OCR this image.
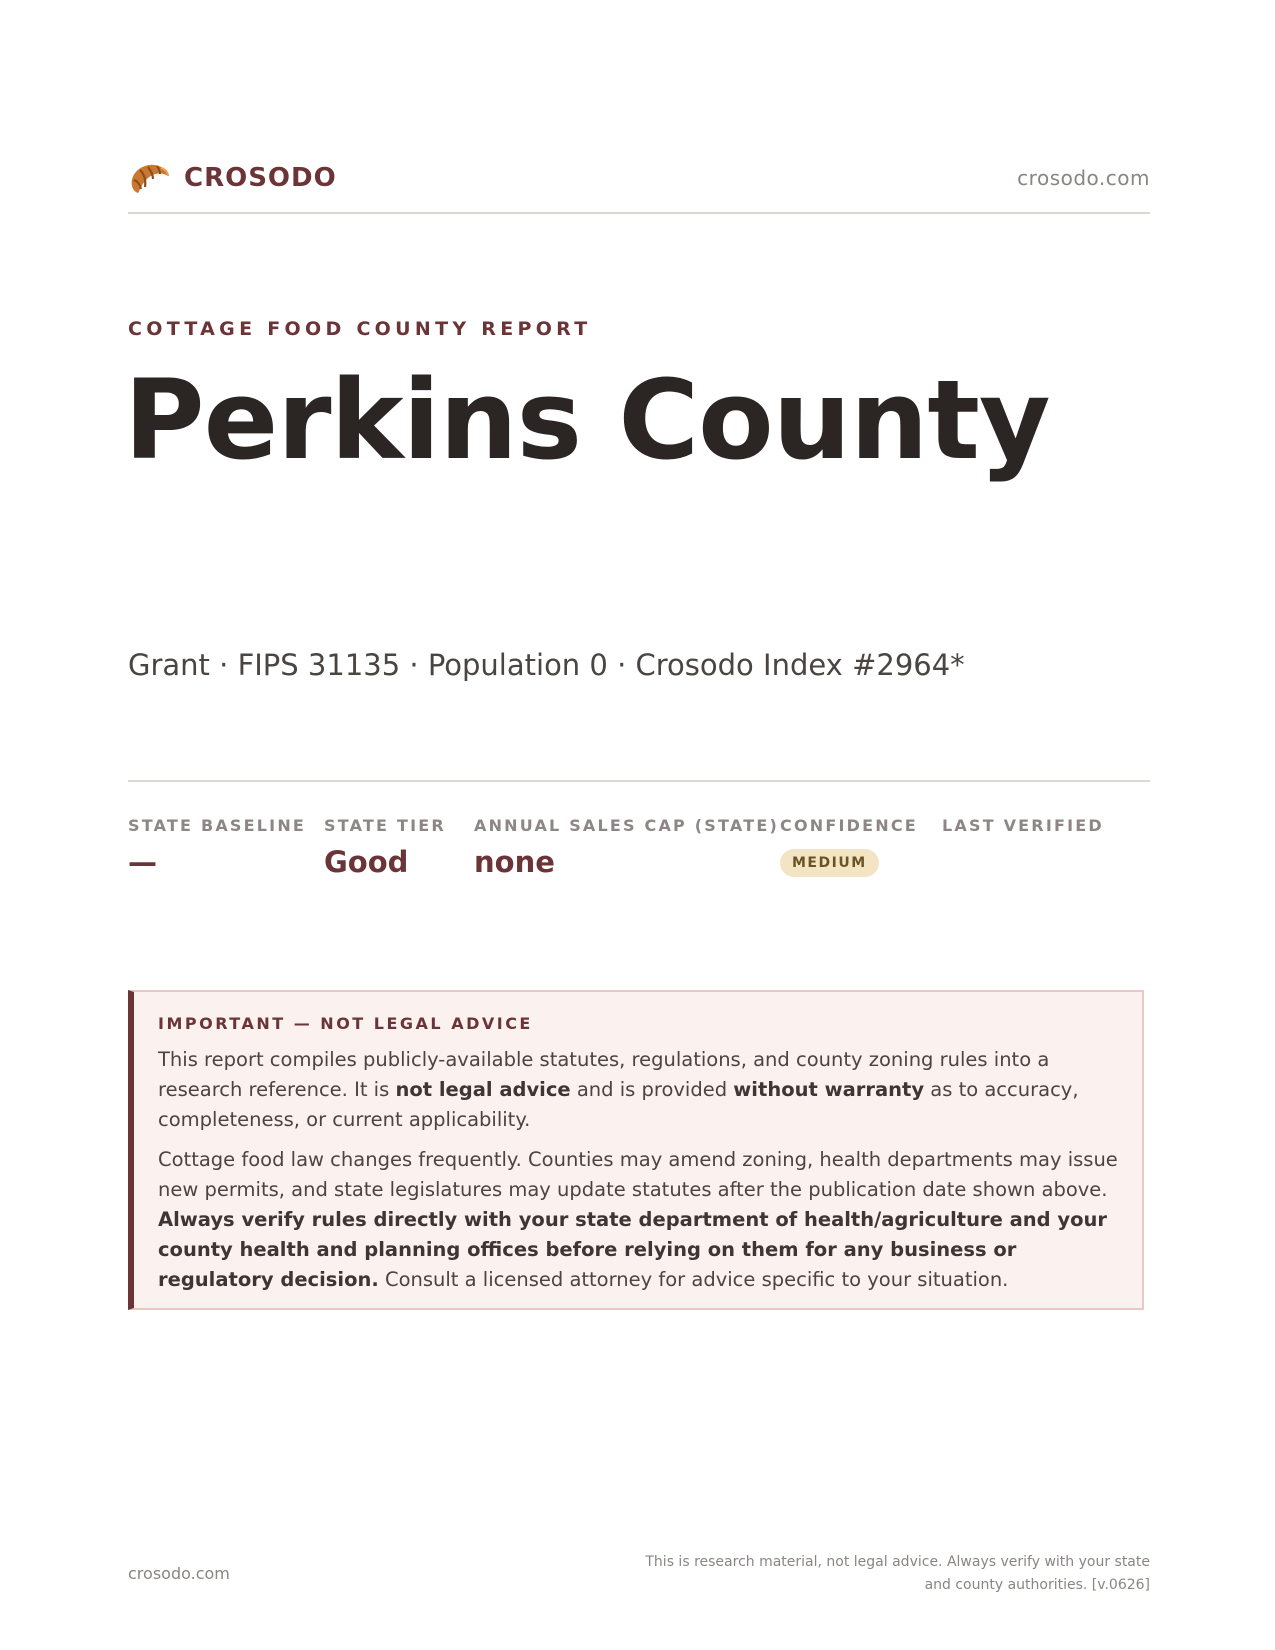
CROSODO	crosodo.com
COTTAGE FOOD COUNTY REPORT
Perkins County
Grant · FIPS 31135 · Population 0 · Crosodo Index #2964*
STATE BASELINE
—
STATE TIER
Good
ANNUAL SALES CAP (STATE)
none
CONFIDENCE
MEDIUM
LAST VERIFIED
IMPORTANT — NOT LEGAL ADVICE

This report compiles publicly-available statutes, regulations, and county zoning rules into a research reference. It is not legal advice and is provided without warranty as to accuracy, completeness, or current applicability.

Cottage food law changes frequently. Counties may amend zoning, health departments may issue new permits, and state legislatures may update statutes after the publication date shown above. Always verify rules directly with your state department of health/agriculture and your county health and planning offices before relying on them for any business or regulatory decision. Consult a licensed attorney for advice specific to your situation.

crosodo.com
This is research material, not legal advice. Always verify with your state
and county authorities. [v.0626]
